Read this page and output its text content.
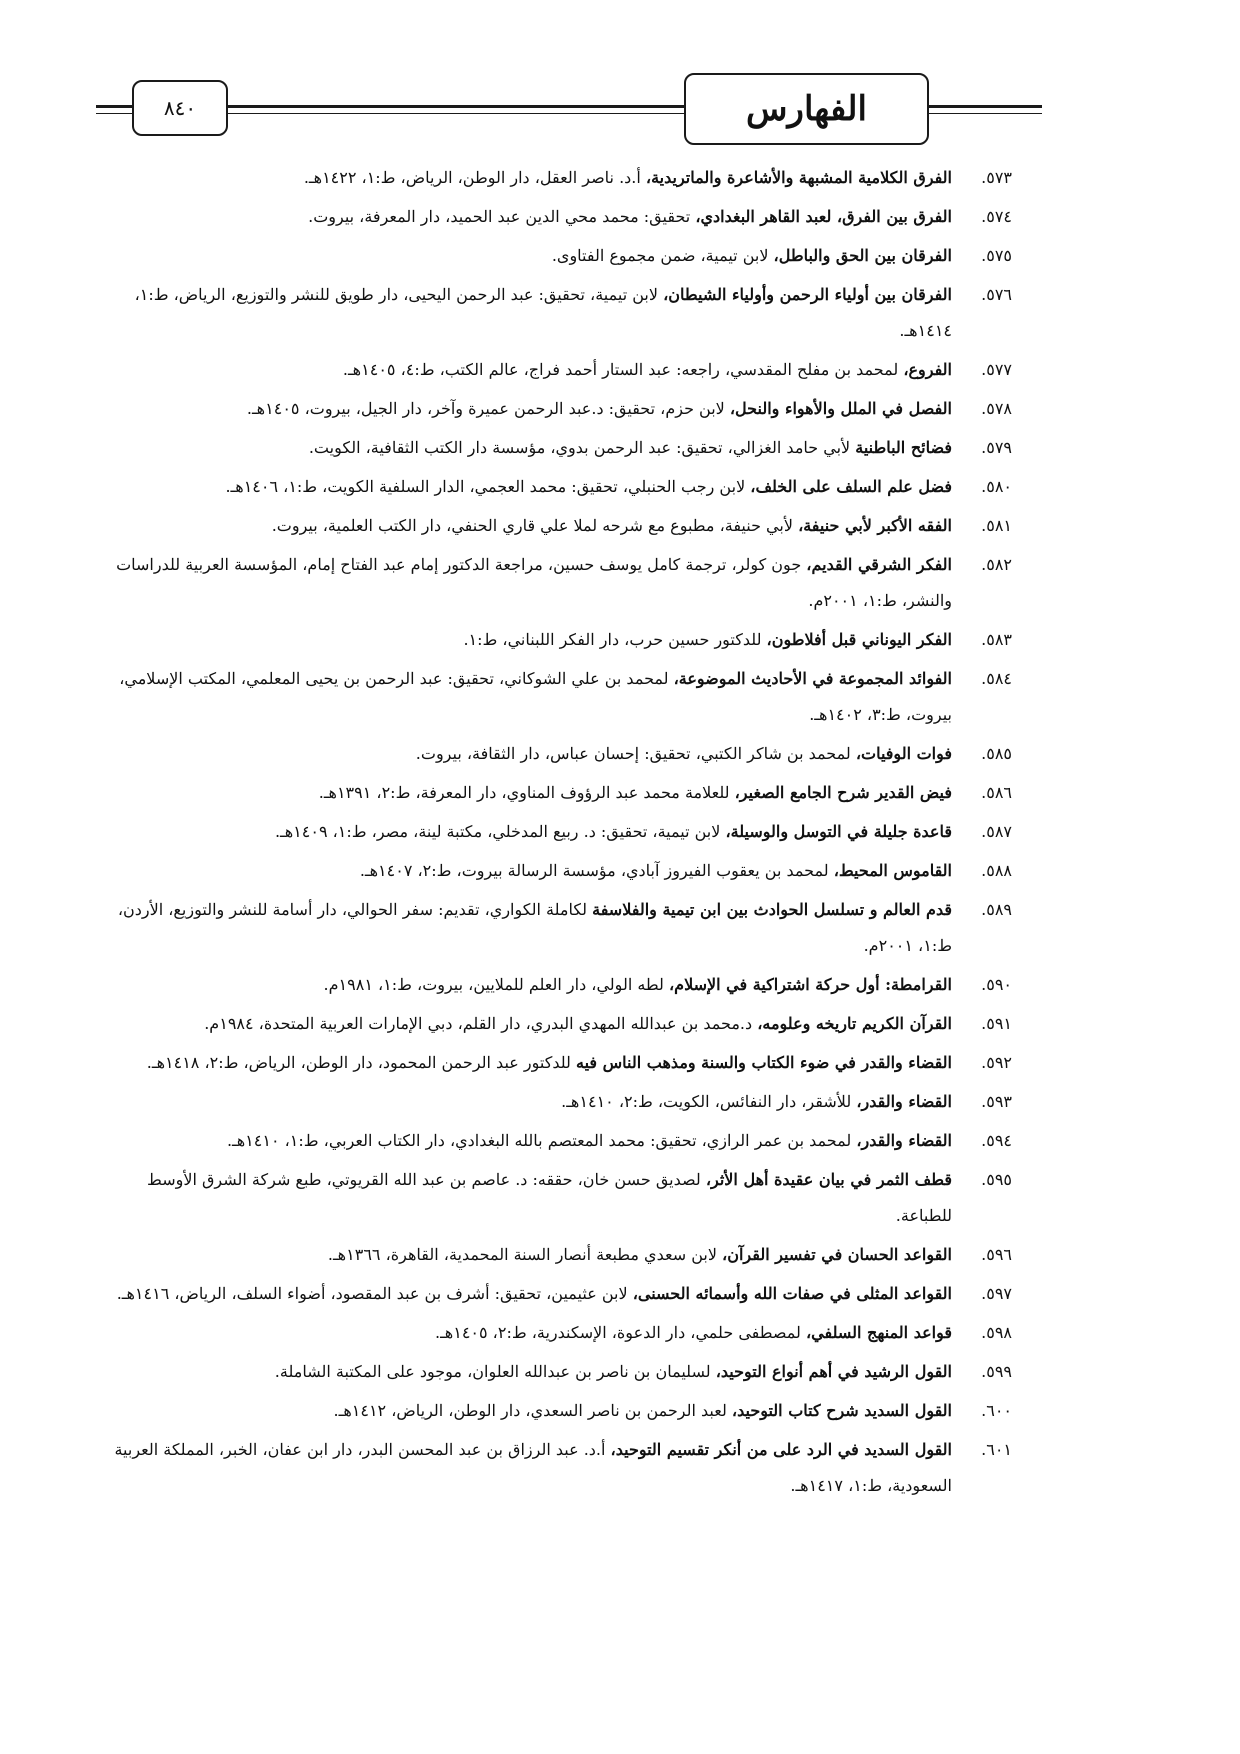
الفهارس
٨٤٠
٥٧٣.
الفرق الكلامية المشبهة والأشاعرة والماتريدية، أ.د. ناصر العقل، دار الوطن، الرياض، ط:١، ١٤٢٢هـ.
٥٧٤.
الفرق بين الفرق، لعبد القاهر البغدادي، تحقيق: محمد محي الدين عبد الحميد، دار المعرفة، بيروت.
٥٧٥.
الفرقان بين الحق والباطل، لابن تيمية، ضمن مجموع الفتاوى.
٥٧٦.
الفرقان بين أولياء الرحمن وأولياء الشيطان، لابن تيمية، تحقيق: عبد الرحمن اليحيى، دار طويق للنشر والتوزيع، الرياض، ط:١، ١٤١٤هـ.
٥٧٧.
الفروع، لمحمد بن مفلح المقدسي، راجعه: عبد الستار أحمد فراج، عالم الكتب، ط:٤، ١٤٠٥هـ.
٥٧٨.
الفصل في الملل والأهواء والنحل، لابن حزم، تحقيق: د.عبد الرحمن عميرة وآخر، دار الجيل، بيروت، ١٤٠٥هـ.
٥٧٩.
فضائح الباطنية لأبي حامد الغزالي، تحقيق: عبد الرحمن بدوي، مؤسسة دار الكتب الثقافية، الكويت.
٥٨٠.
فضل علم السلف على الخلف، لابن رجب الحنبلي، تحقيق: محمد العجمي، الدار السلفية الكويت، ط:١، ١٤٠٦هـ.
٥٨١.
الفقه الأكبر لأبي حنيفة، لأبي حنيفة، مطبوع مع شرحه لملا علي قاري الحنفي، دار الكتب العلمية، بيروت.
٥٨٢.
الفكر الشرقي القديم، جون كولر، ترجمة كامل يوسف حسين، مراجعة الدكتور إمام عبد الفتاح إمام، المؤسسة العربية للدراسات والنشر، ط:١، ٢٠٠١م.
٥٨٣.
الفكر اليوناني قبل أفلاطون، للدكتور حسين حرب، دار الفكر اللبناني، ط:١.
٥٨٤.
الفوائد المجموعة في الأحاديث الموضوعة، لمحمد بن علي الشوكاني، تحقيق: عبد الرحمن بن يحيى المعلمي، المكتب الإسلامي، بيروت، ط:٣، ١٤٠٢هـ.
٥٨٥.
فوات الوفيات، لمحمد بن شاكر الكتبي، تحقيق: إحسان عباس، دار الثقافة، بيروت.
٥٨٦.
فيض القدير شرح الجامع الصغير، للعلامة محمد عبد الرؤوف المناوي، دار المعرفة، ط:٢، ١٣٩١هـ.
٥٨٧.
قاعدة جليلة في التوسل والوسيلة، لابن تيمية، تحقيق: د. ربيع المدخلي، مكتبة لينة، مصر، ط:١، ١٤٠٩هـ.
٥٨٨.
القاموس المحيط، لمحمد بن يعقوب الفيروز آبادي، مؤسسة الرسالة بيروت، ط:٢، ١٤٠٧هـ.
٥٨٩.
قدم العالم و تسلسل الحوادث بين ابن تيمية والفلاسفة لكاملة الكواري، تقديم: سفر الحوالي، دار أسامة للنشر والتوزيع، الأردن، ط:١، ٢٠٠١م.
٥٩٠.
القرامطة: أول حركة اشتراكية في الإسلام، لطه الولي، دار العلم للملايين، بيروت، ط:١، ١٩٨١م.
٥٩١.
القرآن الكريم تاريخه وعلومه، د.محمد بن عبدالله المهدي البدري، دار القلم، دبي الإمارات العربية المتحدة، ١٩٨٤م.
٥٩٢.
القضاء والقدر في ضوء الكتاب والسنة ومذهب الناس فيه للدكتور عبد الرحمن المحمود، دار الوطن، الرياض، ط:٢، ١٤١٨هـ.
٥٩٣.
القضاء والقدر، للأشقر، دار النفائس، الكويت، ط:٢، ١٤١٠هـ.
٥٩٤.
القضاء والقدر، لمحمد بن عمر الرازي، تحقيق: محمد المعتصم بالله البغدادي، دار الكتاب العربي، ط:١، ١٤١٠هـ.
٥٩٥.
قطف الثمر في بيان عقيدة أهل الأثر، لصديق حسن خان، حققه: د. عاصم بن عبد الله القريوتي، طبع شركة الشرق الأوسط للطباعة.
٥٩٦.
القواعد الحسان في تفسير القرآن، لابن سعدي مطبعة أنصار السنة المحمدية، القاهرة، ١٣٦٦هـ.
٥٩٧.
القواعد المثلى في صفات الله وأسمائه الحسنى، لابن عثيمين، تحقيق: أشرف بن عبد المقصود، أضواء السلف، الرياض، ١٤١٦هـ.
٥٩٨.
قواعد المنهج السلفي، لمصطفى حلمي، دار الدعوة، الإسكندرية، ط:٢، ١٤٠٥هـ.
٥٩٩.
القول الرشيد في أهم أنواع التوحيد، لسليمان بن ناصر بن عبدالله العلوان، موجود على المكتبة الشاملة.
٦٠٠.
القول السديد شرح كتاب التوحيد، لعبد الرحمن بن ناصر السعدي، دار الوطن، الرياض، ١٤١٢هـ.
٦٠١.
القول السديد في الرد على من أنكر تقسيم التوحيد، أ.د. عبد الرزاق بن عبد المحسن البدر، دار ابن عفان، الخبر، المملكة العربية السعودية، ط:١، ١٤١٧هـ.
